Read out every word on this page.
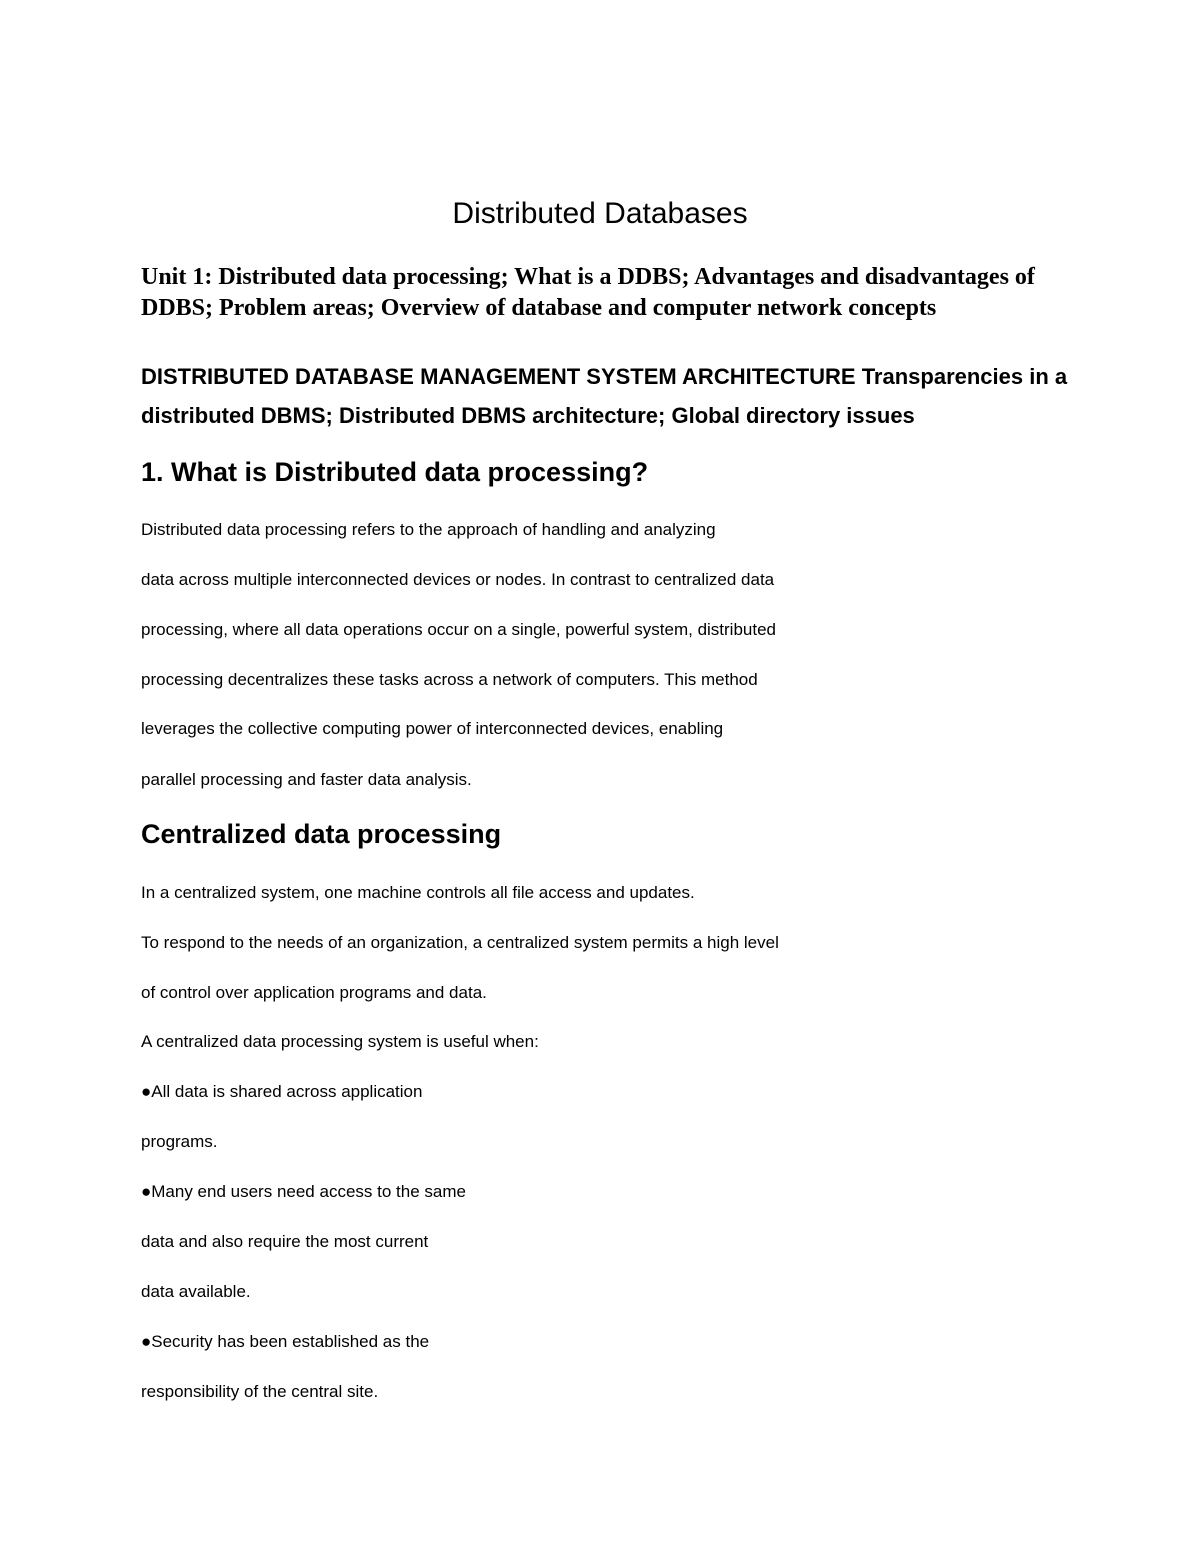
Distributed Databases

Unit 1: Distributed data processing; What is a DDBS; Advantages and disadvantages of DDBS; Problem areas; Overview of database and computer network concepts

DISTRIBUTED DATABASE MANAGEMENT SYSTEM ARCHITECTURE Transparencies in a distributed DBMS; Distributed DBMS architecture; Global directory issues

1. What is Distributed data processing?

Distributed data processing refers to the approach of handling and analyzing

data across multiple interconnected devices or nodes. In contrast to centralized data

processing, where all data operations occur on a single, powerful system, distributed

processing decentralizes these tasks across a network of computers. This method

leverages the collective computing power of interconnected devices, enabling

parallel processing and faster data analysis.

Centralized data processing

In a centralized system, one machine controls all file access and updates.

To respond to the needs of an organization, a centralized system permits a high level

of control over application programs and data.

A centralized data processing system is useful when:

●All data is shared across application

programs.

●Many end users need access to the same

data and also require the most current

data available.

●Security has been established as the

responsibility of the central site.
